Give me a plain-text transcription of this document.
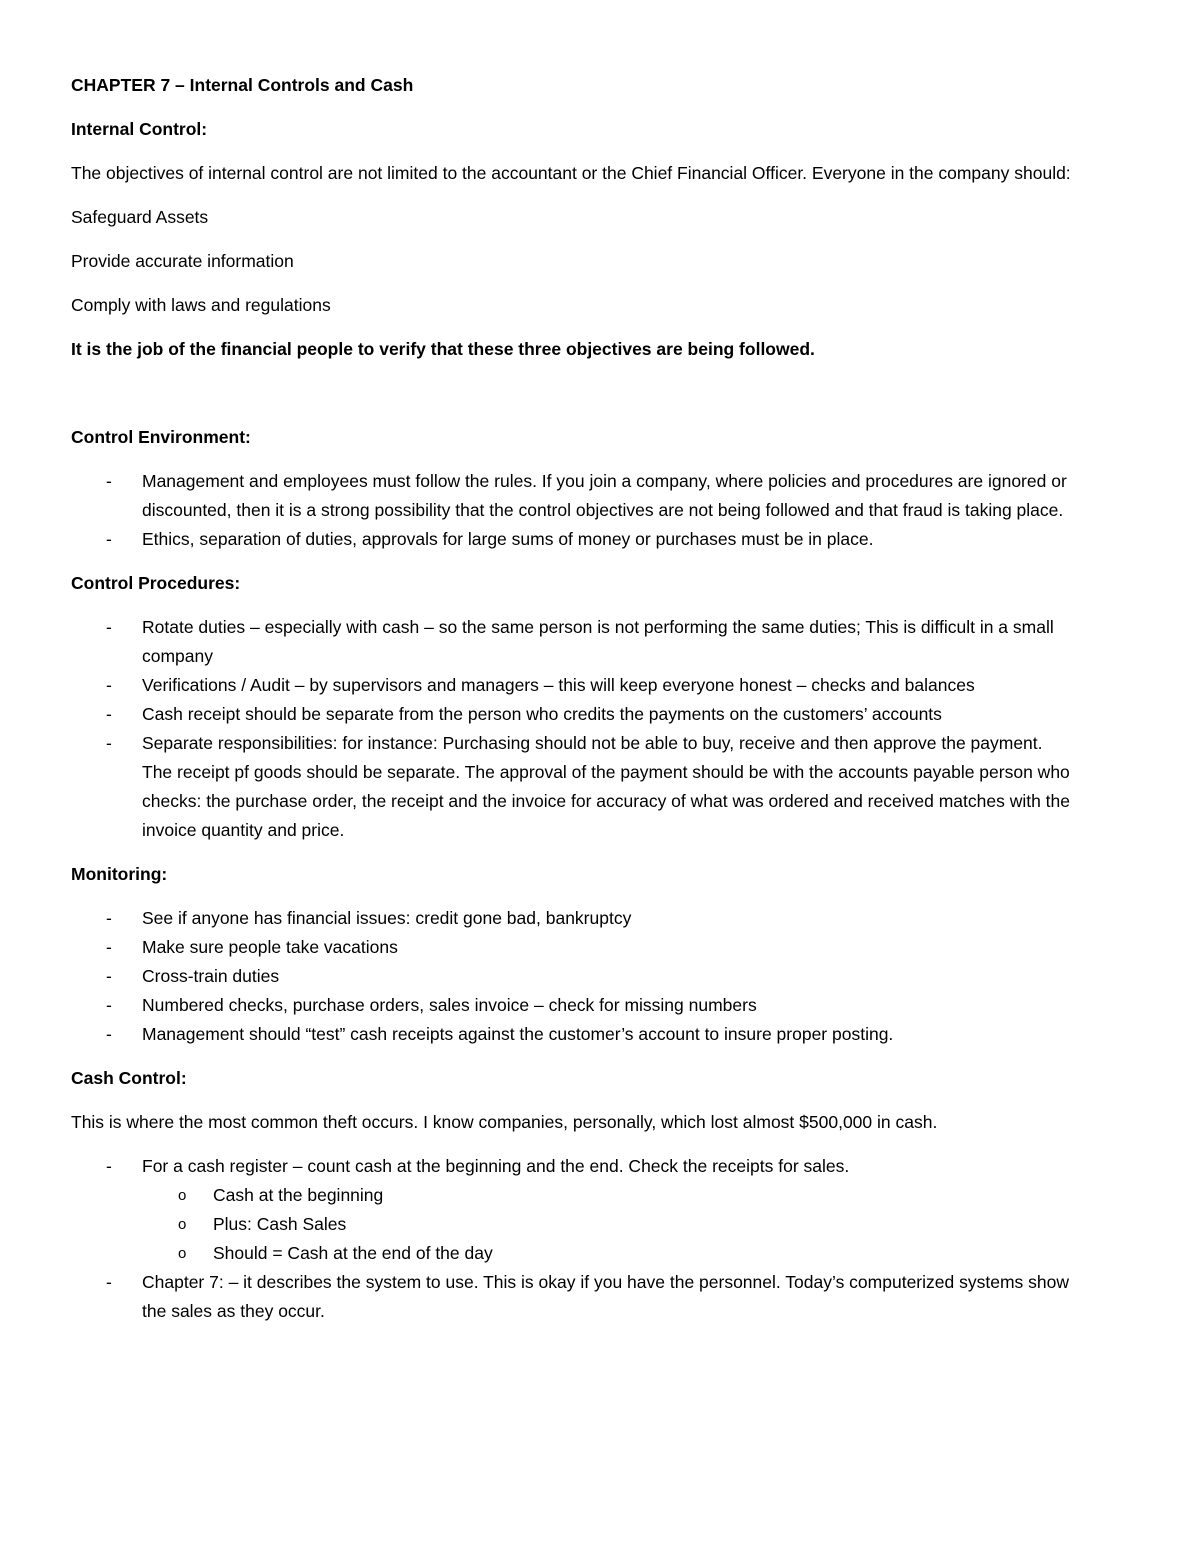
CHAPTER 7 – Internal Controls and Cash
Internal Control:
The objectives of internal control are not limited to the accountant or the Chief Financial Officer. Everyone in the company should:
Safeguard Assets
Provide accurate information
Comply with laws and regulations
It is the job of the financial people to verify that these three objectives are being followed.
Control Environment:
- Management and employees must follow the rules. If you join a company, where policies and procedures are ignored or discounted, then it is a strong possibility that the control objectives are not being followed and that fraud is taking place.
- Ethics, separation of duties, approvals for large sums of money or purchases must be in place.
Control Procedures:
- Rotate duties – especially with cash – so the same person is not performing the same duties; This is difficult in a small company
- Verifications / Audit – by supervisors and managers – this will keep everyone honest – checks and balances
- Cash receipt should be separate from the person who credits the payments on the customers’ accounts
- Separate responsibilities: for instance: Purchasing should not be able to buy, receive and then approve the payment. The receipt pf goods should be separate. The approval of the payment should be with the accounts payable person who checks: the purchase order, the receipt and the invoice for accuracy of what was ordered and received matches with the invoice quantity and price.
Monitoring:
- See if anyone has financial issues: credit gone bad, bankruptcy
- Make sure people take vacations
- Cross-train duties
- Numbered checks, purchase orders, sales invoice – check for missing numbers
- Management should “test” cash receipts against the customer’s account to insure proper posting.
Cash Control:
This is where the most common theft occurs. I know companies, personally, which lost almost $500,000 in cash.
- For a cash register – count cash at the beginning and the end. Check the receipts for sales.
o Cash at the beginning
o Plus: Cash Sales
o Should = Cash at the end of the day
- Chapter 7: – it describes the system to use. This is okay if you have the personnel. Today’s computerized systems show the sales as they occur.
